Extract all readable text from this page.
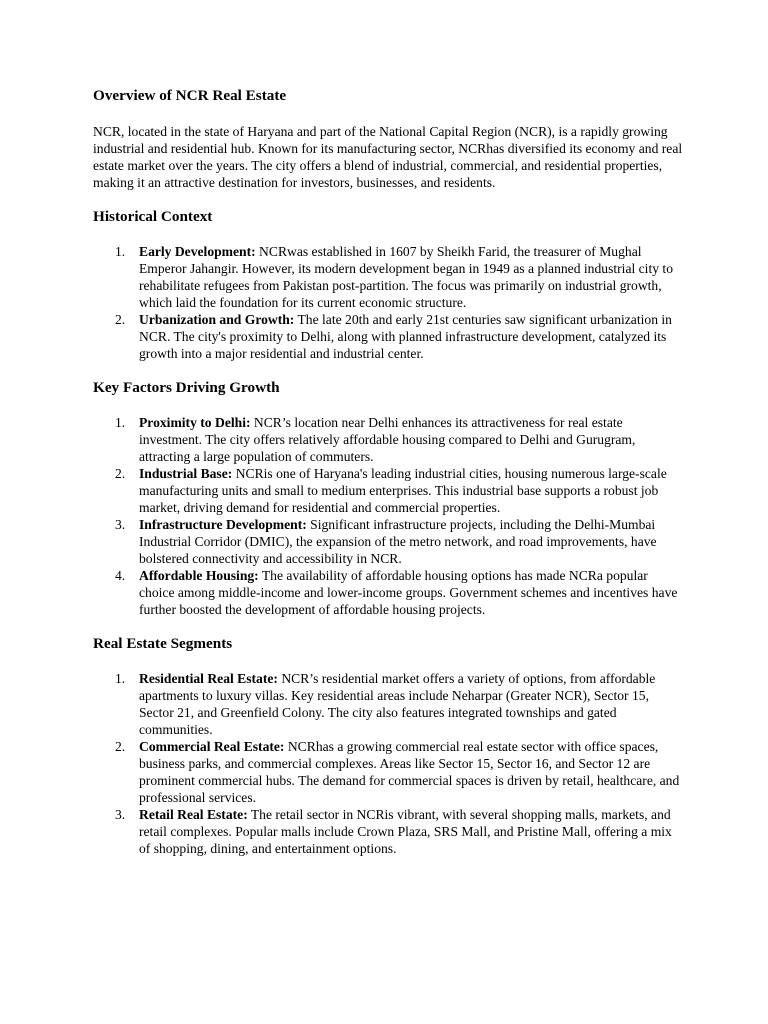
Overview of NCR Real Estate

NCR, located in the state of Haryana and part of the National Capital Region (NCR), is a rapidly growing industrial and residential hub. Known for its manufacturing sector, NCRhas diversified its economy and real estate market over the years. The city offers a blend of industrial, commercial, and residential properties, making it an attractive destination for investors, businesses, and residents.

Historical Context
1. Early Development: NCRwas established in 1607 by Sheikh Farid, the treasurer of Mughal Emperor Jahangir. However, its modern development began in 1949 as a planned industrial city to rehabilitate refugees from Pakistan post-partition. The focus was primarily on industrial growth, which laid the foundation for its current economic structure.
2. Urbanization and Growth: The late 20th and early 21st centuries saw significant urbanization in NCR. The city's proximity to Delhi, along with planned infrastructure development, catalyzed its growth into a major residential and industrial center.
Key Factors Driving Growth
1. Proximity to Delhi: NCR’s location near Delhi enhances its attractiveness for real estate investment. The city offers relatively affordable housing compared to Delhi and Gurugram, attracting a large population of commuters.
2. Industrial Base: NCRis one of Haryana's leading industrial cities, housing numerous large-scale manufacturing units and small to medium enterprises. This industrial base supports a robust job market, driving demand for residential and commercial properties.
3. Infrastructure Development: Significant infrastructure projects, including the Delhi-Mumbai Industrial Corridor (DMIC), the expansion of the metro network, and road improvements, have bolstered connectivity and accessibility in NCR.
4. Affordable Housing: The availability of affordable housing options has made NCRa popular choice among middle-income and lower-income groups. Government schemes and incentives have further boosted the development of affordable housing projects.
Real Estate Segments
1. Residential Real Estate: NCR’s residential market offers a variety of options, from affordable apartments to luxury villas. Key residential areas include Neharpar (Greater NCR), Sector 15, Sector 21, and Greenfield Colony. The city also features integrated townships and gated communities.
2. Commercial Real Estate: NCRhas a growing commercial real estate sector with office spaces, business parks, and commercial complexes. Areas like Sector 15, Sector 16, and Sector 12 are prominent commercial hubs. The demand for commercial spaces is driven by retail, healthcare, and professional services.
3. Retail Real Estate: The retail sector in NCRis vibrant, with several shopping malls, markets, and retail complexes. Popular malls include Crown Plaza, SRS Mall, and Pristine Mall, offering a mix of shopping, dining, and entertainment options.
